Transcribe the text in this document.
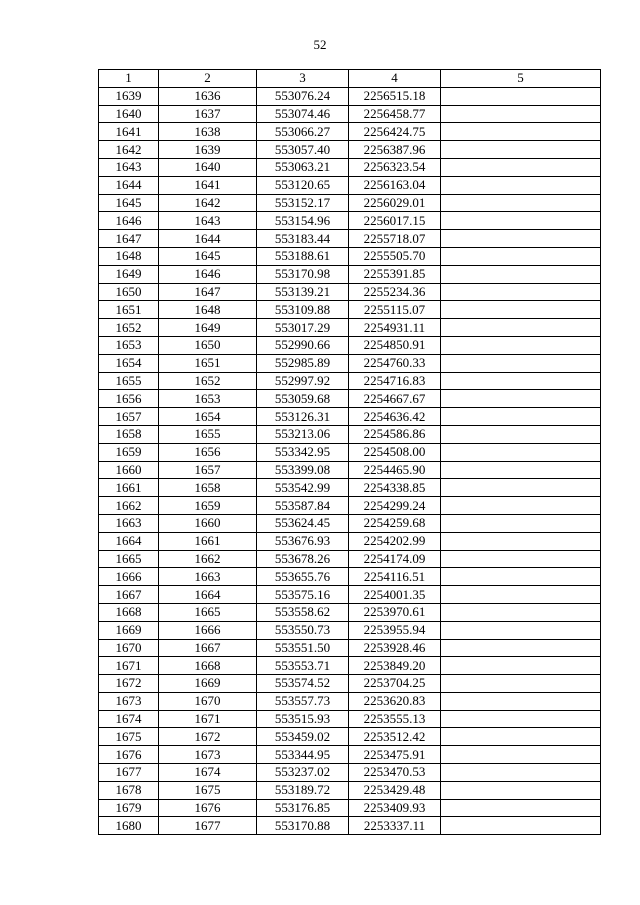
52
1	2	3	4	5
1639	1636	553076.24	2256515.18	
1640	1637	553074.46	2256458.77	
1641	1638	553066.27	2256424.75	
1642	1639	553057.40	2256387.96	
1643	1640	553063.21	2256323.54	
1644	1641	553120.65	2256163.04	
1645	1642	553152.17	2256029.01	
1646	1643	553154.96	2256017.15	
1647	1644	553183.44	2255718.07	
1648	1645	553188.61	2255505.70	
1649	1646	553170.98	2255391.85	
1650	1647	553139.21	2255234.36	
1651	1648	553109.88	2255115.07	
1652	1649	553017.29	2254931.11	
1653	1650	552990.66	2254850.91	
1654	1651	552985.89	2254760.33	
1655	1652	552997.92	2254716.83	
1656	1653	553059.68	2254667.67	
1657	1654	553126.31	2254636.42	
1658	1655	553213.06	2254586.86	
1659	1656	553342.95	2254508.00	
1660	1657	553399.08	2254465.90	
1661	1658	553542.99	2254338.85	
1662	1659	553587.84	2254299.24	
1663	1660	553624.45	2254259.68	
1664	1661	553676.93	2254202.99	
1665	1662	553678.26	2254174.09	
1666	1663	553655.76	2254116.51	
1667	1664	553575.16	2254001.35	
1668	1665	553558.62	2253970.61	
1669	1666	553550.73	2253955.94	
1670	1667	553551.50	2253928.46	
1671	1668	553553.71	2253849.20	
1672	1669	553574.52	2253704.25	
1673	1670	553557.73	2253620.83	
1674	1671	553515.93	2253555.13	
1675	1672	553459.02	2253512.42	
1676	1673	553344.95	2253475.91	
1677	1674	553237.02	2253470.53	
1678	1675	553189.72	2253429.48	
1679	1676	553176.85	2253409.93	
1680	1677	553170.88	2253337.11	
